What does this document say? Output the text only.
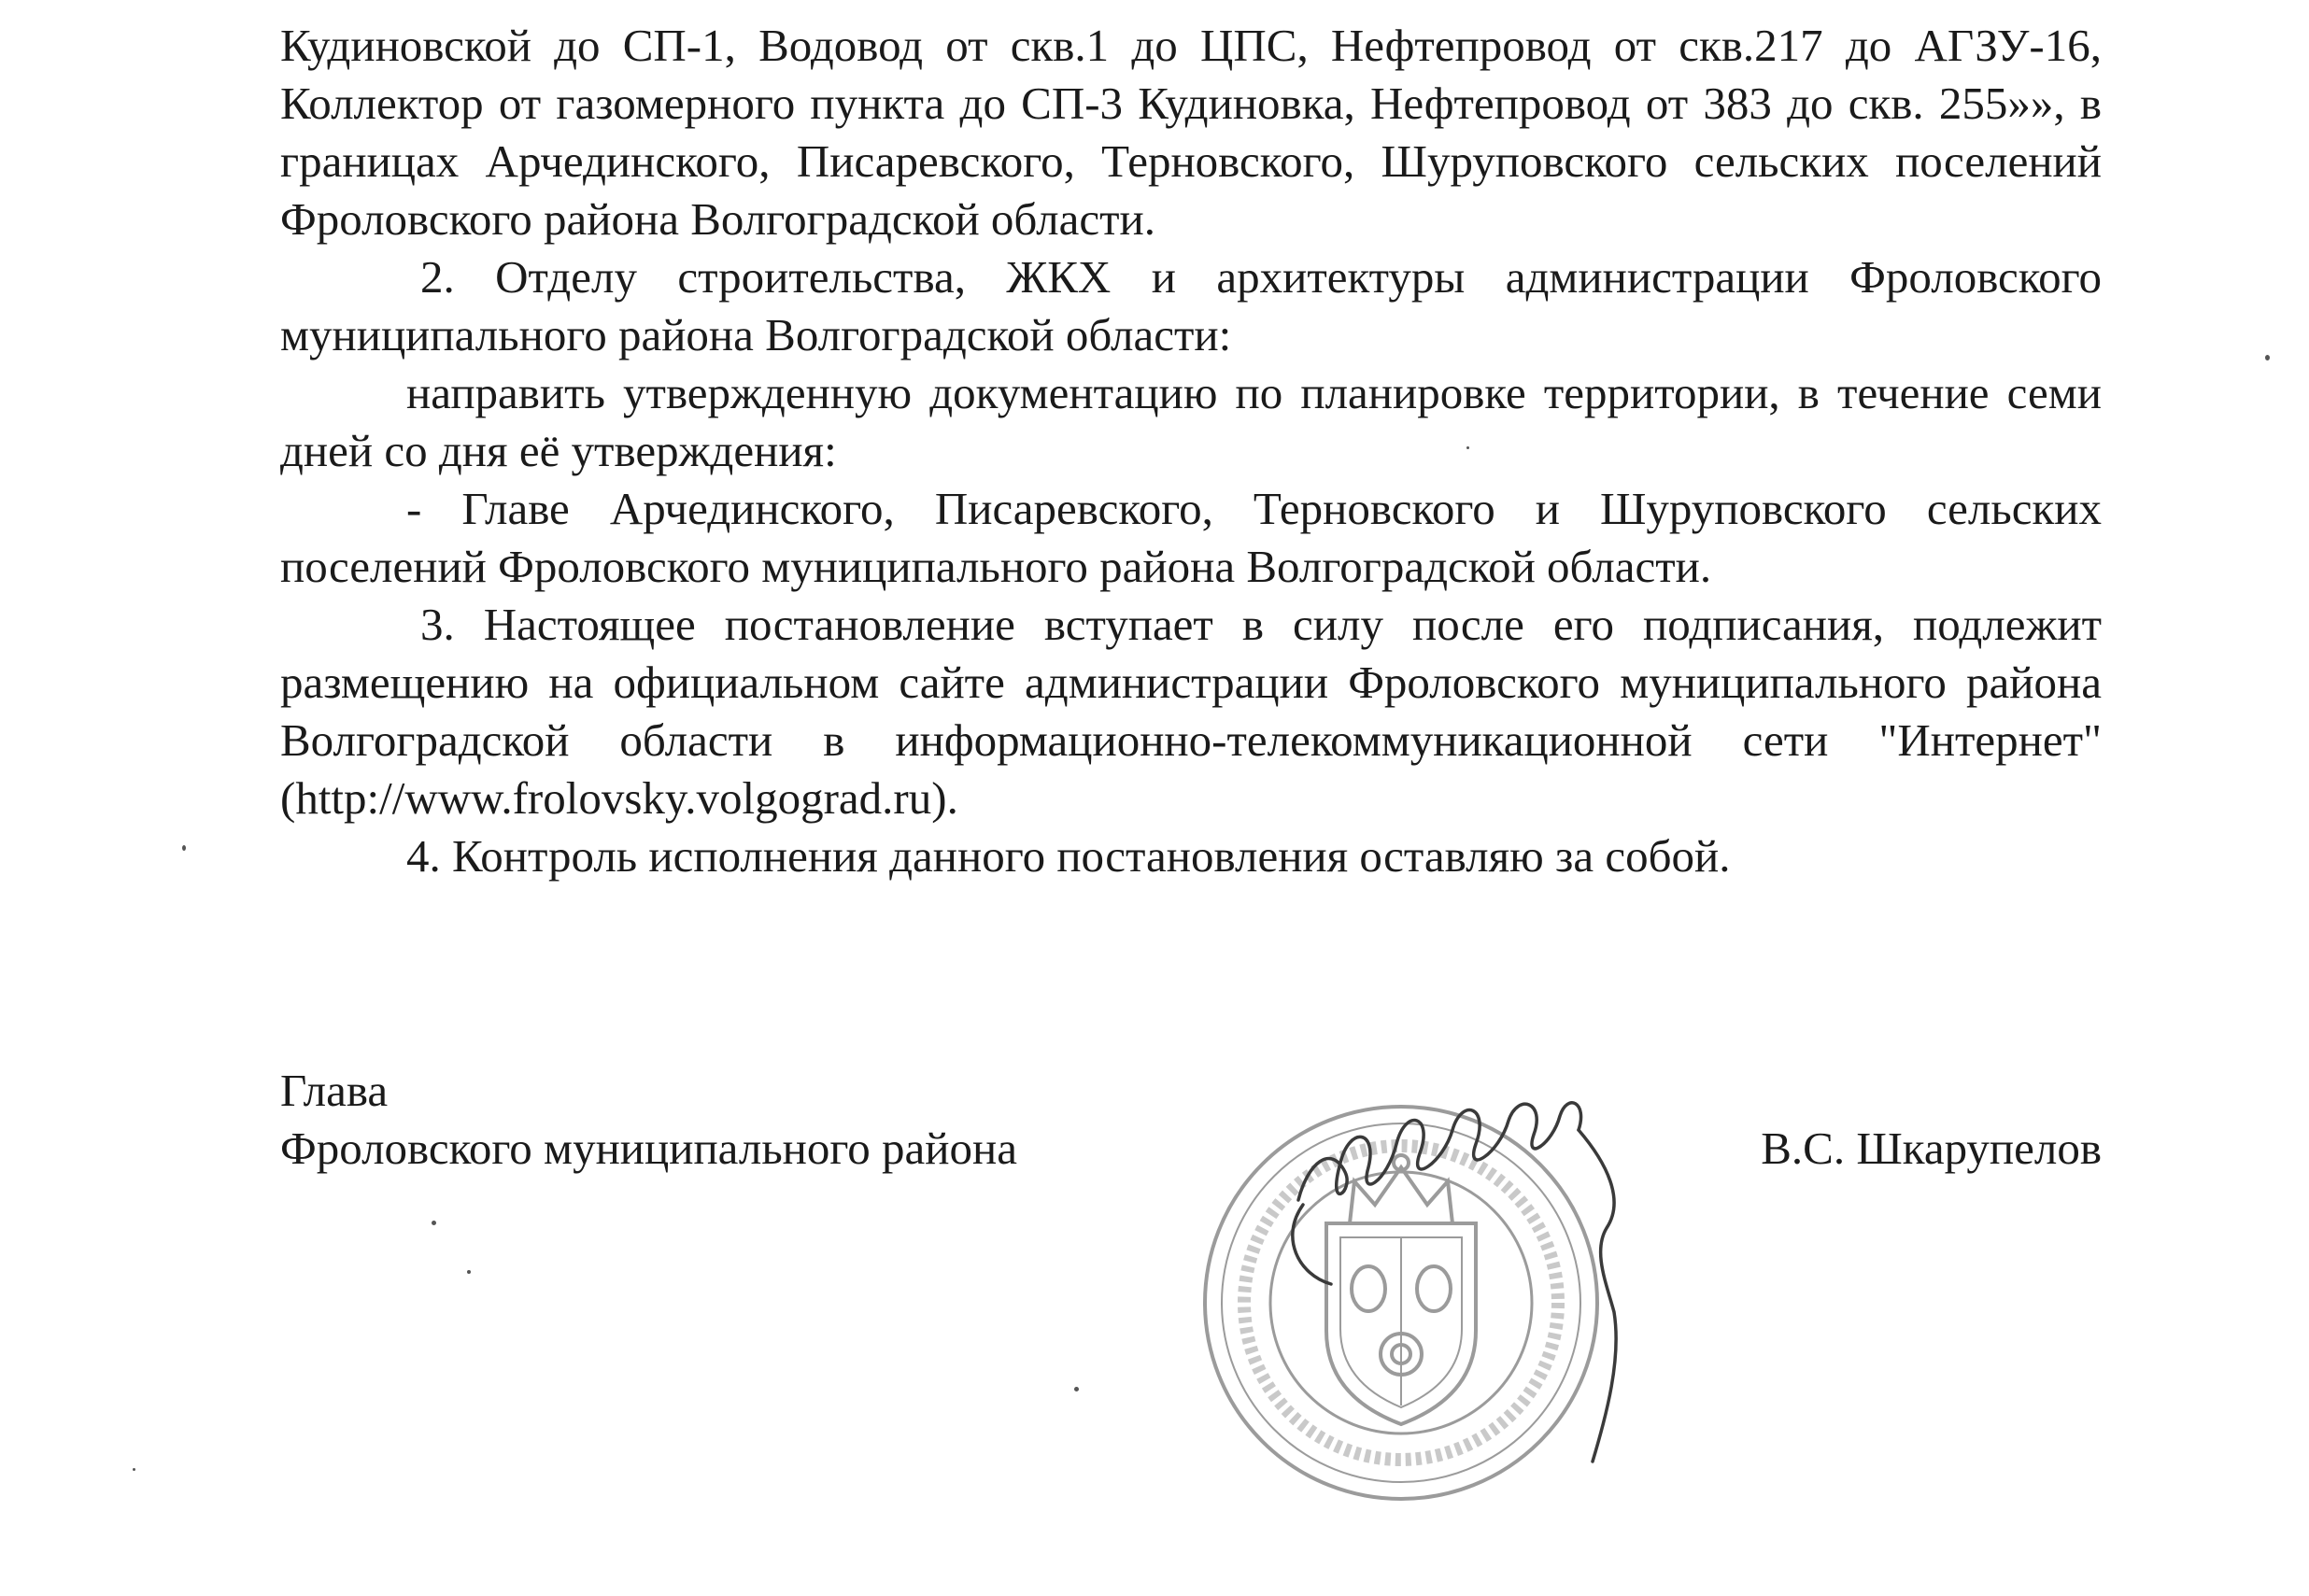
Кудиновской до СП-1, Водовод от скв.1 до ЦПС, Нефтепровод от скв.217 до АГЗУ-16, Коллектор от газомерного пункта до СП-3 Кудиновка, Нефтепровод от 383 до скв. 255»», в границах Арчединского, Писаревского, Терновского, Шуруповского сельских поселений Фроловского района Волгоградской области.

2. Отделу строительства, ЖКХ и архитектуры администрации Фроловского муниципального района Волгоградской области:

направить утвержденную документацию по планировке территории, в течение семи дней со дня её утверждения:

- Главе Арчединского, Писаревского, Терновского и Шуруповского сельских поселений Фроловского муниципального района Волгоградской области.

3. Настоящее постановление вступает в силу после его подписания, подлежит размещению на официальном сайте администрации Фроловского муниципального района Волгоградской области в информационно-телекоммуникационной сети "Интернет" (http://www.frolovsky.volgograd.ru).

4. Контроль исполнения данного постановления оставляю за собой.

Глава
Фроловского муниципального района	В.С. Шкарупелов
